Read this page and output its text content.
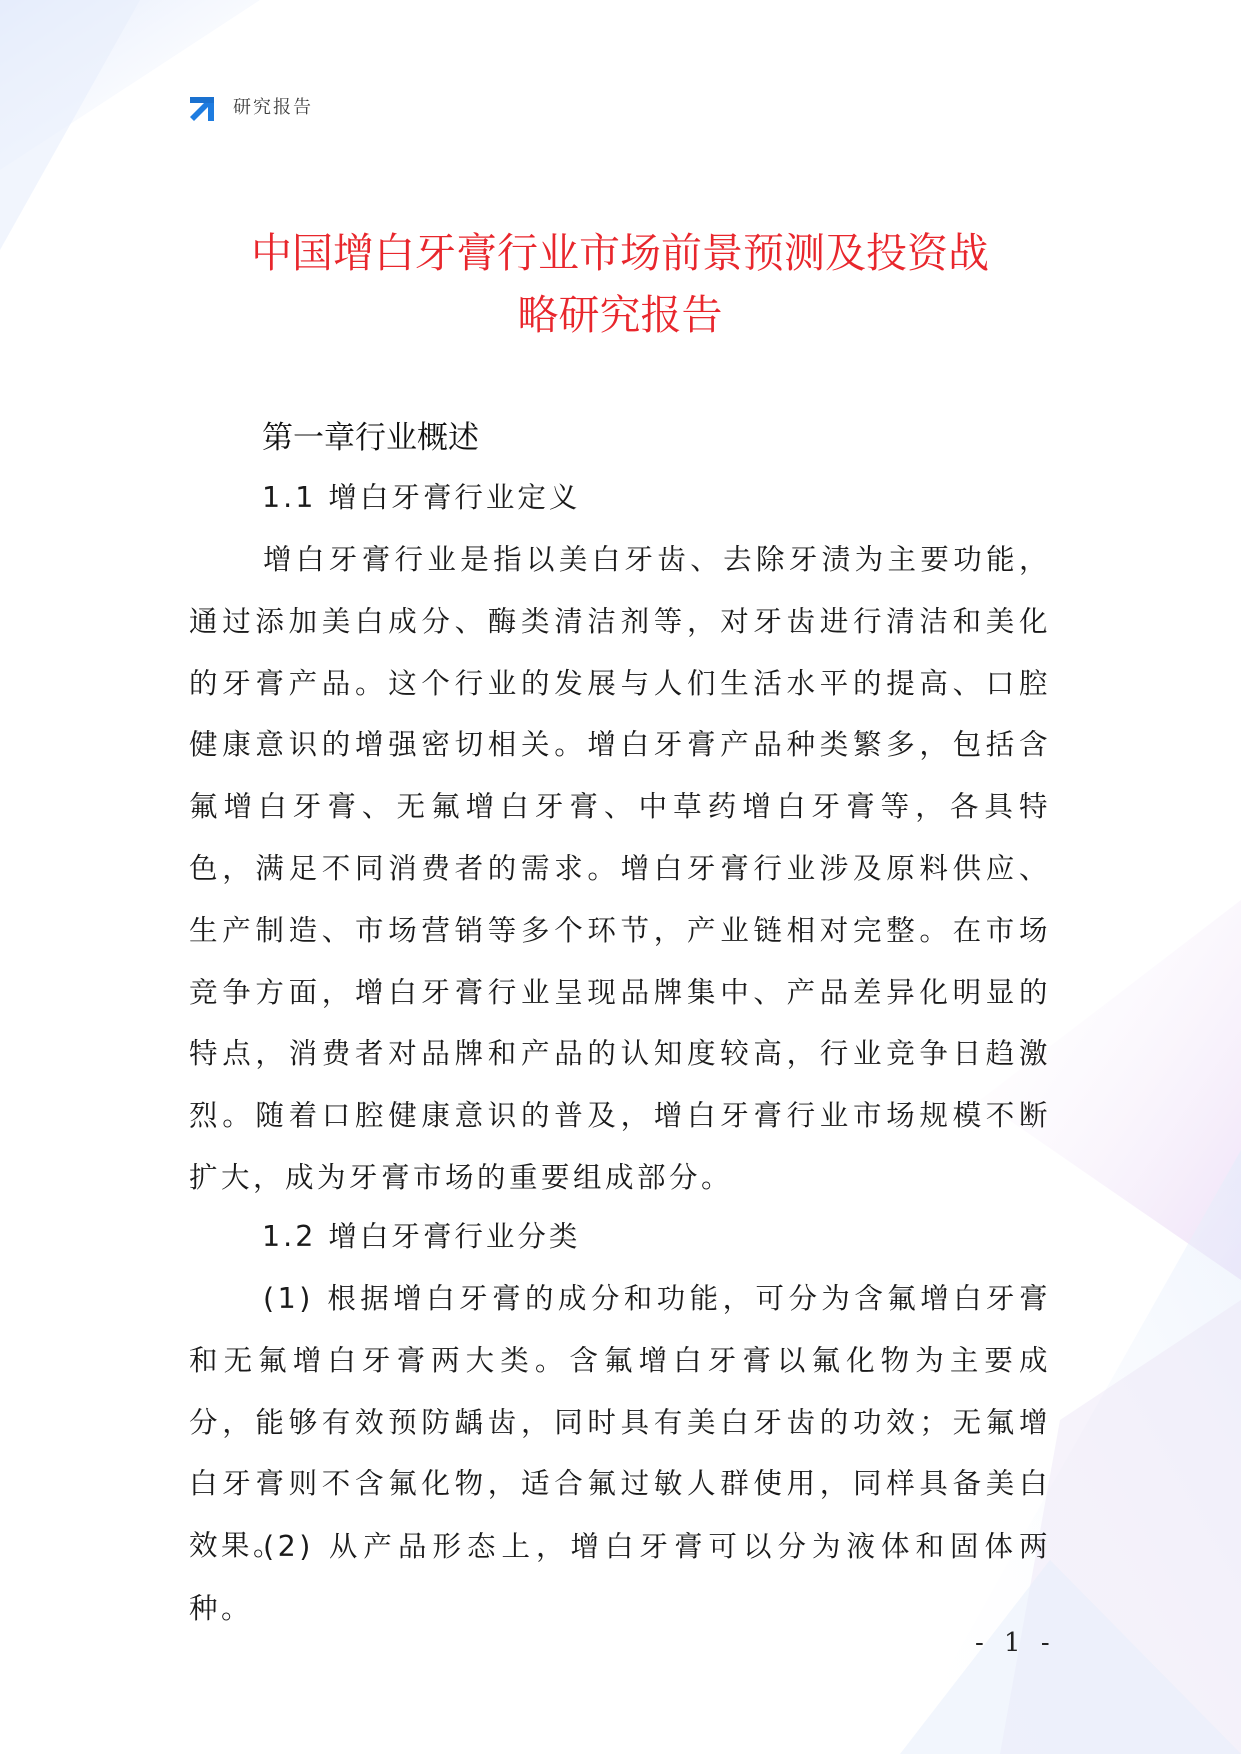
研究报告
中国增白牙膏行业市场前景预测及投资战
略研究报告
第一章行业概述
1.1 增白牙膏行业定义

增白牙膏行业是指以美白牙齿、去除牙渍为主要功能，通过添加美白成分、酶类清洁剂等，对牙齿进行清洁和美化的牙膏产品。这个行业的发展与人们生活水平的提高、口腔健康意识的增强密切相关。增白牙膏产品种类繁多，包括含氟增白牙膏、无氟增白牙膏、中草药增白牙膏等，各具特色，满足不同消费者的需求。增白牙膏行业涉及原料供应、生产制造、市场营销等多个环节，产业链相对完整。在市场竞争方面，增白牙膏行业呈现品牌集中、产品差异化明显的特点，消费者对品牌和产品的认知度较高，行业竞争日趋激烈。随着口腔健康意识的普及，增白牙膏行业市场规模不断扩大，成为牙膏市场的重要组成部分。

1.2 增白牙膏行业分类

(1) 根据增白牙膏的成分和功能，可分为含氟增白牙膏和无氟增白牙膏两大类。含氟增白牙膏以氟化物为主要成分，能够有效预防龋齿，同时具有美白牙齿的功效；无氟增白牙膏则不含氟化物，适合氟过敏人群使用，同样具备美白效果。

(2) 从产品形态上，增白牙膏可以分为液体和固体两种。

- 1 -
